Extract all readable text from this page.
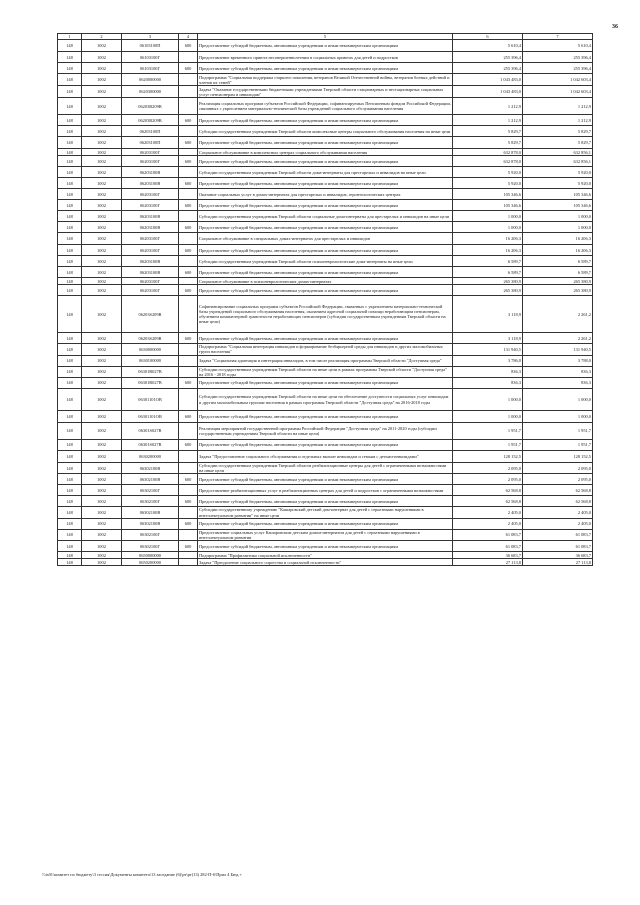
36
1	2	3	4	5	6	7
148	1002	06103100П	600	Предоставление субсидий бюджетным, автономным учреждениям и иным некоммерческим организациям	5 610,4	5 610,4
148	1002	06103100Г		Предоставление временного приюта несовершеннолетним в социальных приютах для детей и подростков	255 396,4	255 396,4
148	1002	06103100Г	600	Предоставление субсидий бюджетным, автономным учреждениям и иным некоммерческим организациям	255 396,4	255 396,4
148	1002	0620000000		Подпрограмма "Социальная поддержка старшего поколения, ветеранов Великой Отечественной войны, ветеранов боевых действий и членов их семей"	1 043 483,0	1 042 603,4
148	1002	0620300000		Задача "Оказание государственными бюджетными учреждениями Тверской области стационарных и нестационарных социальных услуг пенсионерам и инвалидам"	1 043 483,0	1 042 603,4
148	1002	06203R209В		Реализация социальных программ субъектов Российской Федерации, софинансируемых Пенсионным фондом Российской Федерации, связанных с укреплением материально-технической базы учреждений социального обслуживания населения	1 212,9	1 212,9
148	1002	06203R209В	600	Предоставление субсидий бюджетным, автономным учреждениям и иным некоммерческим организациям	1 212,9	1 212,9
148	1002	06203100П		Субсидии государственным учреждениям Тверской области комплексные центры социального обслуживания населения на иные цели	5 829,7	5 829,7
148	1002	06203100П	600	Предоставление субсидий бюджетным, автономным учреждениям и иным некоммерческим организациям	5 829,7	5 829,7
148	1002	06203100Г		Социальное обслуживание в комплексных центрах социального обслуживания населения	632 878,0	632 856,1
148	1002	06203100Г	600	Предоставление субсидий бюджетным, автономным учреждениям и иным некоммерческим организациям	632 878,0	632 856,1
148	1002	06203100В		Субсидии государственным учреждениям Тверской области дома-интернаты для престарелых и инвалидов на иные цели	5 920,0	5 920,0
148	1002	06203100В	600	Предоставление субсидий бюджетным, автономным учреждениям и иным некоммерческим организациям	5 920,0	5 920,0
148	1002	06203100Г		Оказание социальных услуг в домах-интернатах для престарелых и инвалидов, геронтологических центрах	105 346,6	105 346,6
148	1002	06203100Г	600	Предоставление субсидий бюджетным, автономным учреждениям и иным некоммерческим организациям	105 346,6	105 346,6
148	1002	06203100В		Субсидии государственным учреждениям Тверской области социальные дома-интернаты для престарелых и инвалидов на иные цели	1 000,0	1 000,0
148	1002	06203100В	600	Предоставление субсидий бюджетным, автономным учреждениям и иным некоммерческим организациям	1 000,0	1 000,0
148	1002	06203100Г		Социальное обслуживание в специальных домах-интернатах для престарелых и инвалидов	16 206,3	16 206,3
148	1002	06203100Г	600	Предоставление субсидий бюджетным, автономным учреждениям и иным некоммерческим организациям	16 206,3	16 206,3
148	1002	06203100В		Субсидии государственным учреждениям Тверской области психоневрологические дома-интернаты на иные цели	6 589,7	6 589,7
148	1002	06203100В	600	Предоставление субсидий бюджетным, автономным учреждениям и иным некоммерческим организациям	6 589,7	6 589,7
148	1002	06203100Г		Социальное обслуживание в психоневрологических домах-интернатах	265 380,9	265 380,9
148	1002	06203100Г	600	Предоставление субсидий бюджетным, автономным учреждениям и иным некоммерческим организациям	265 380,9	265 380,9
148	1002	06203S209В		Софинансирование социальных программ субъектов Российской Федерации, связанных с укреплением материально-технической базы учреждений социального обслуживания населения, оказанием адресной социальной помощи неработающим пенсионерам, обучением компьютерной грамотности неработающих пенсионеров (субсидии государственным учреждениям Тверской области на иные цели)	3 118,9	2 261,2
148	1002	06203S209В	600	Предоставление субсидий бюджетным, автономным учреждениям и иным некоммерческим организациям	3 118,9	2 261,2
148	1002	0630000000		Подпрограмма "Социальная интеграция инвалидов и формирование безбарьерной среды для инвалидов и других маломобильных групп населения"	131 940,5	131 940,5
148	1002	0630100000		Задача "Социальная адаптация и интеграция инвалидов, в том числе реализация программы Тверской области "Доступная среда"	3 786,0	3 788,0
148	1002	06301R027В		Субсидии государственным учреждениям Тверской области на иные цели в рамках программы Тверской области "Доступная среда" на 2016 - 2018 годы	836,3	836,3
148	1002	06301R027В	600	Предоставление субсидий бюджетным, автономным учреждениям и иным некоммерческим организациям	836,3	836,3
148	1002	06301101ОВ		Субсидии государственным учреждениям Тверской области на иные цели на обеспечение доступности социальных услуг инвалидам и другим маломобильным группам населения в рамках программы Тверской области "Доступная среда" на 2016-2018 годы	1 000,0	1 000,0
148	1002	06301101ОВ	600	Предоставление субсидий бюджетным, автономным учреждениям и иным некоммерческим организациям	1 000,0	1 000,0
148	1002	06301S027В		Реализация мероприятий государственной программы Российской Федерации "Доступная среда" на 2011-2020 годы (субсидии государственным учреждениям Тверской области на иные цели)	1 951,7	1 951,7
148	1002	06301S027В	600	Предоставление субсидий бюджетным, автономным учреждениям и иным некоммерческим организациям	1 951,7	1 951,7
148	1002	0630200000		Задача "Предоставление социального обслуживания и отдельных выплат инвалидам и семьям с детьми-инвалидами"	128 152,5	128 152,5
148	1002	06302100В		Субсидии государственным учреждениям Тверской области реабилитационные центры для детей с ограниченными возможностями на иные цели	2 095,0	2 095,0
148	1002	06302100В	600	Предоставление субсидий бюджетным, автономным учреждениям и иным некоммерческим организациям	2 095,0	2 095,0
148	1002	06302100Г		Предоставление реабилитационных услуг в реабилитационных центрах для детей и подростков с ограниченными возможностями	62 568,8	62 568,8
148	1002	06302100Г	600	Предоставление субсидий бюджетным, автономным учреждениям и иным некоммерческим организациям	62 568,8	62 568,8
148	1002	06302100В		Субсидии государственному учреждению "Кашаровский детский дом-интернат для детей с серьезными нарушениями в интеллектуальном развитии" на иные цели	2 405,0	2 405,0
148	1002	06302100В	600	Предоставление субсидий бюджетным, автономным учреждениям и иным некоммерческим организациям	2 405,0	2 405,0
148	1002	06302100Г		Предоставление социальных услуг Кашаровским детским домом-интернатом для детей с серьезными нарушениями в интеллектуальном развитии	61 083,7	61 083,7
148	1002	06302100Г	600	Предоставление субсидий бюджетным, автономным учреждениям и иным некоммерческим организациям	61 083,7	61 083,7
148	1002	0650000000		Подпрограмма "Профилактика социальной исключенности"	36 683,7	36 683,7
148	1002	0650200000		Задача "Преодоление социального сиротства и социальной исключенности"	27 113,8	27 113,8
\\\ts01\комитет по бюджету\3 сессия\Документы комитета\13 заседание (6)\рт\рт(13) 282-П-б\Прил 4 Бюд.+
